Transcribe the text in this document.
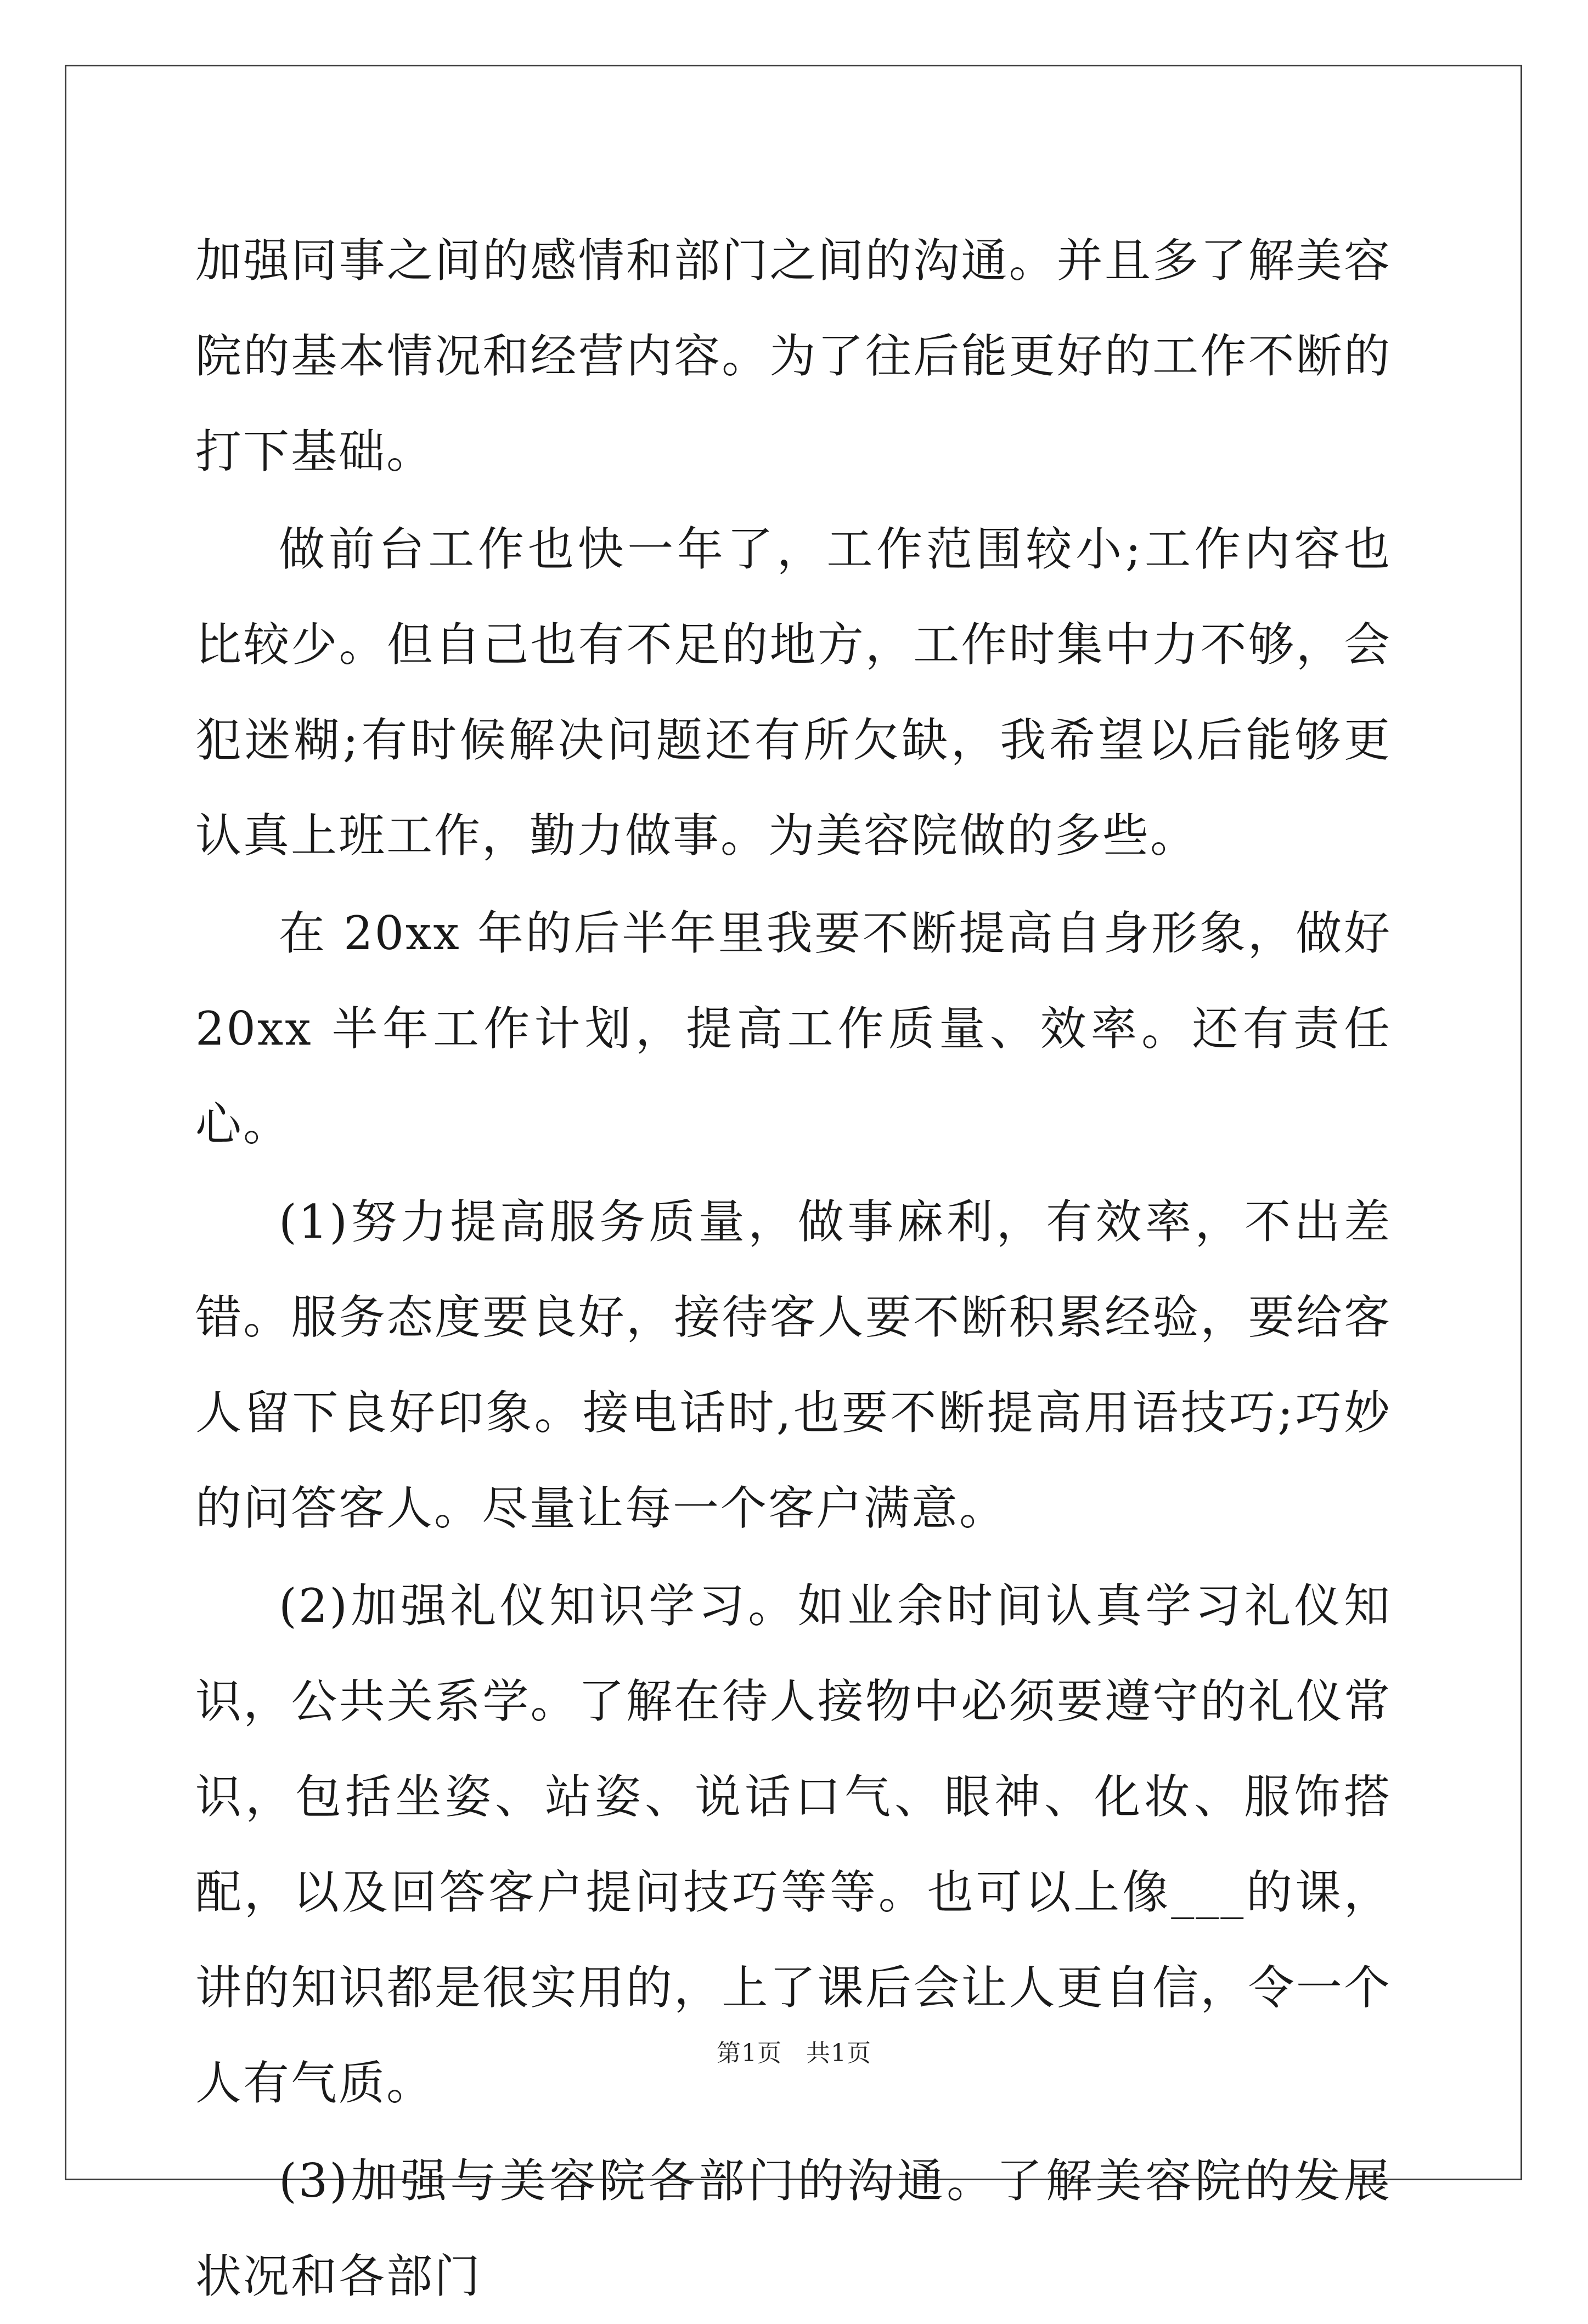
加强同事之间的感情和部门之间的沟通。并且多了解美容院的基本情况和经营内容。为了往后能更好的工作不断的打下基础。

做前台工作也快一年了，工作范围较小;工作内容也比较少。但自己也有不足的地方，工作时集中力不够，会犯迷糊;有时候解决问题还有所欠缺，我希望以后能够更认真上班工作，勤力做事。为美容院做的多些。

在 20xx 年的后半年里我要不断提高自身形象，做好 20xx 半年工作计划，提高工作质量、效率。还有责任心。

(1)努力提高服务质量，做事麻利，有效率，不出差错。服务态度要良好，接待客人要不断积累经验，要给客人留下良好印象。接电话时,也要不断提高用语技巧;巧妙的问答客人。尽量让每一个客户满意。

(2)加强礼仪知识学习。如业余时间认真学习礼仪知识，公共关系学。了解在待人接物中必须要遵守的礼仪常识，包括坐姿、站姿、说话口气、眼神、化妆、服饰搭配，以及回答客户提问技巧等等。也可以上像___的课，讲的知识都是很实用的，上了课后会让人更自信，令一个人有气质。

(3)加强与美容院各部门的沟通。了解美容院的发展状况和各部门

第1页 共1页
